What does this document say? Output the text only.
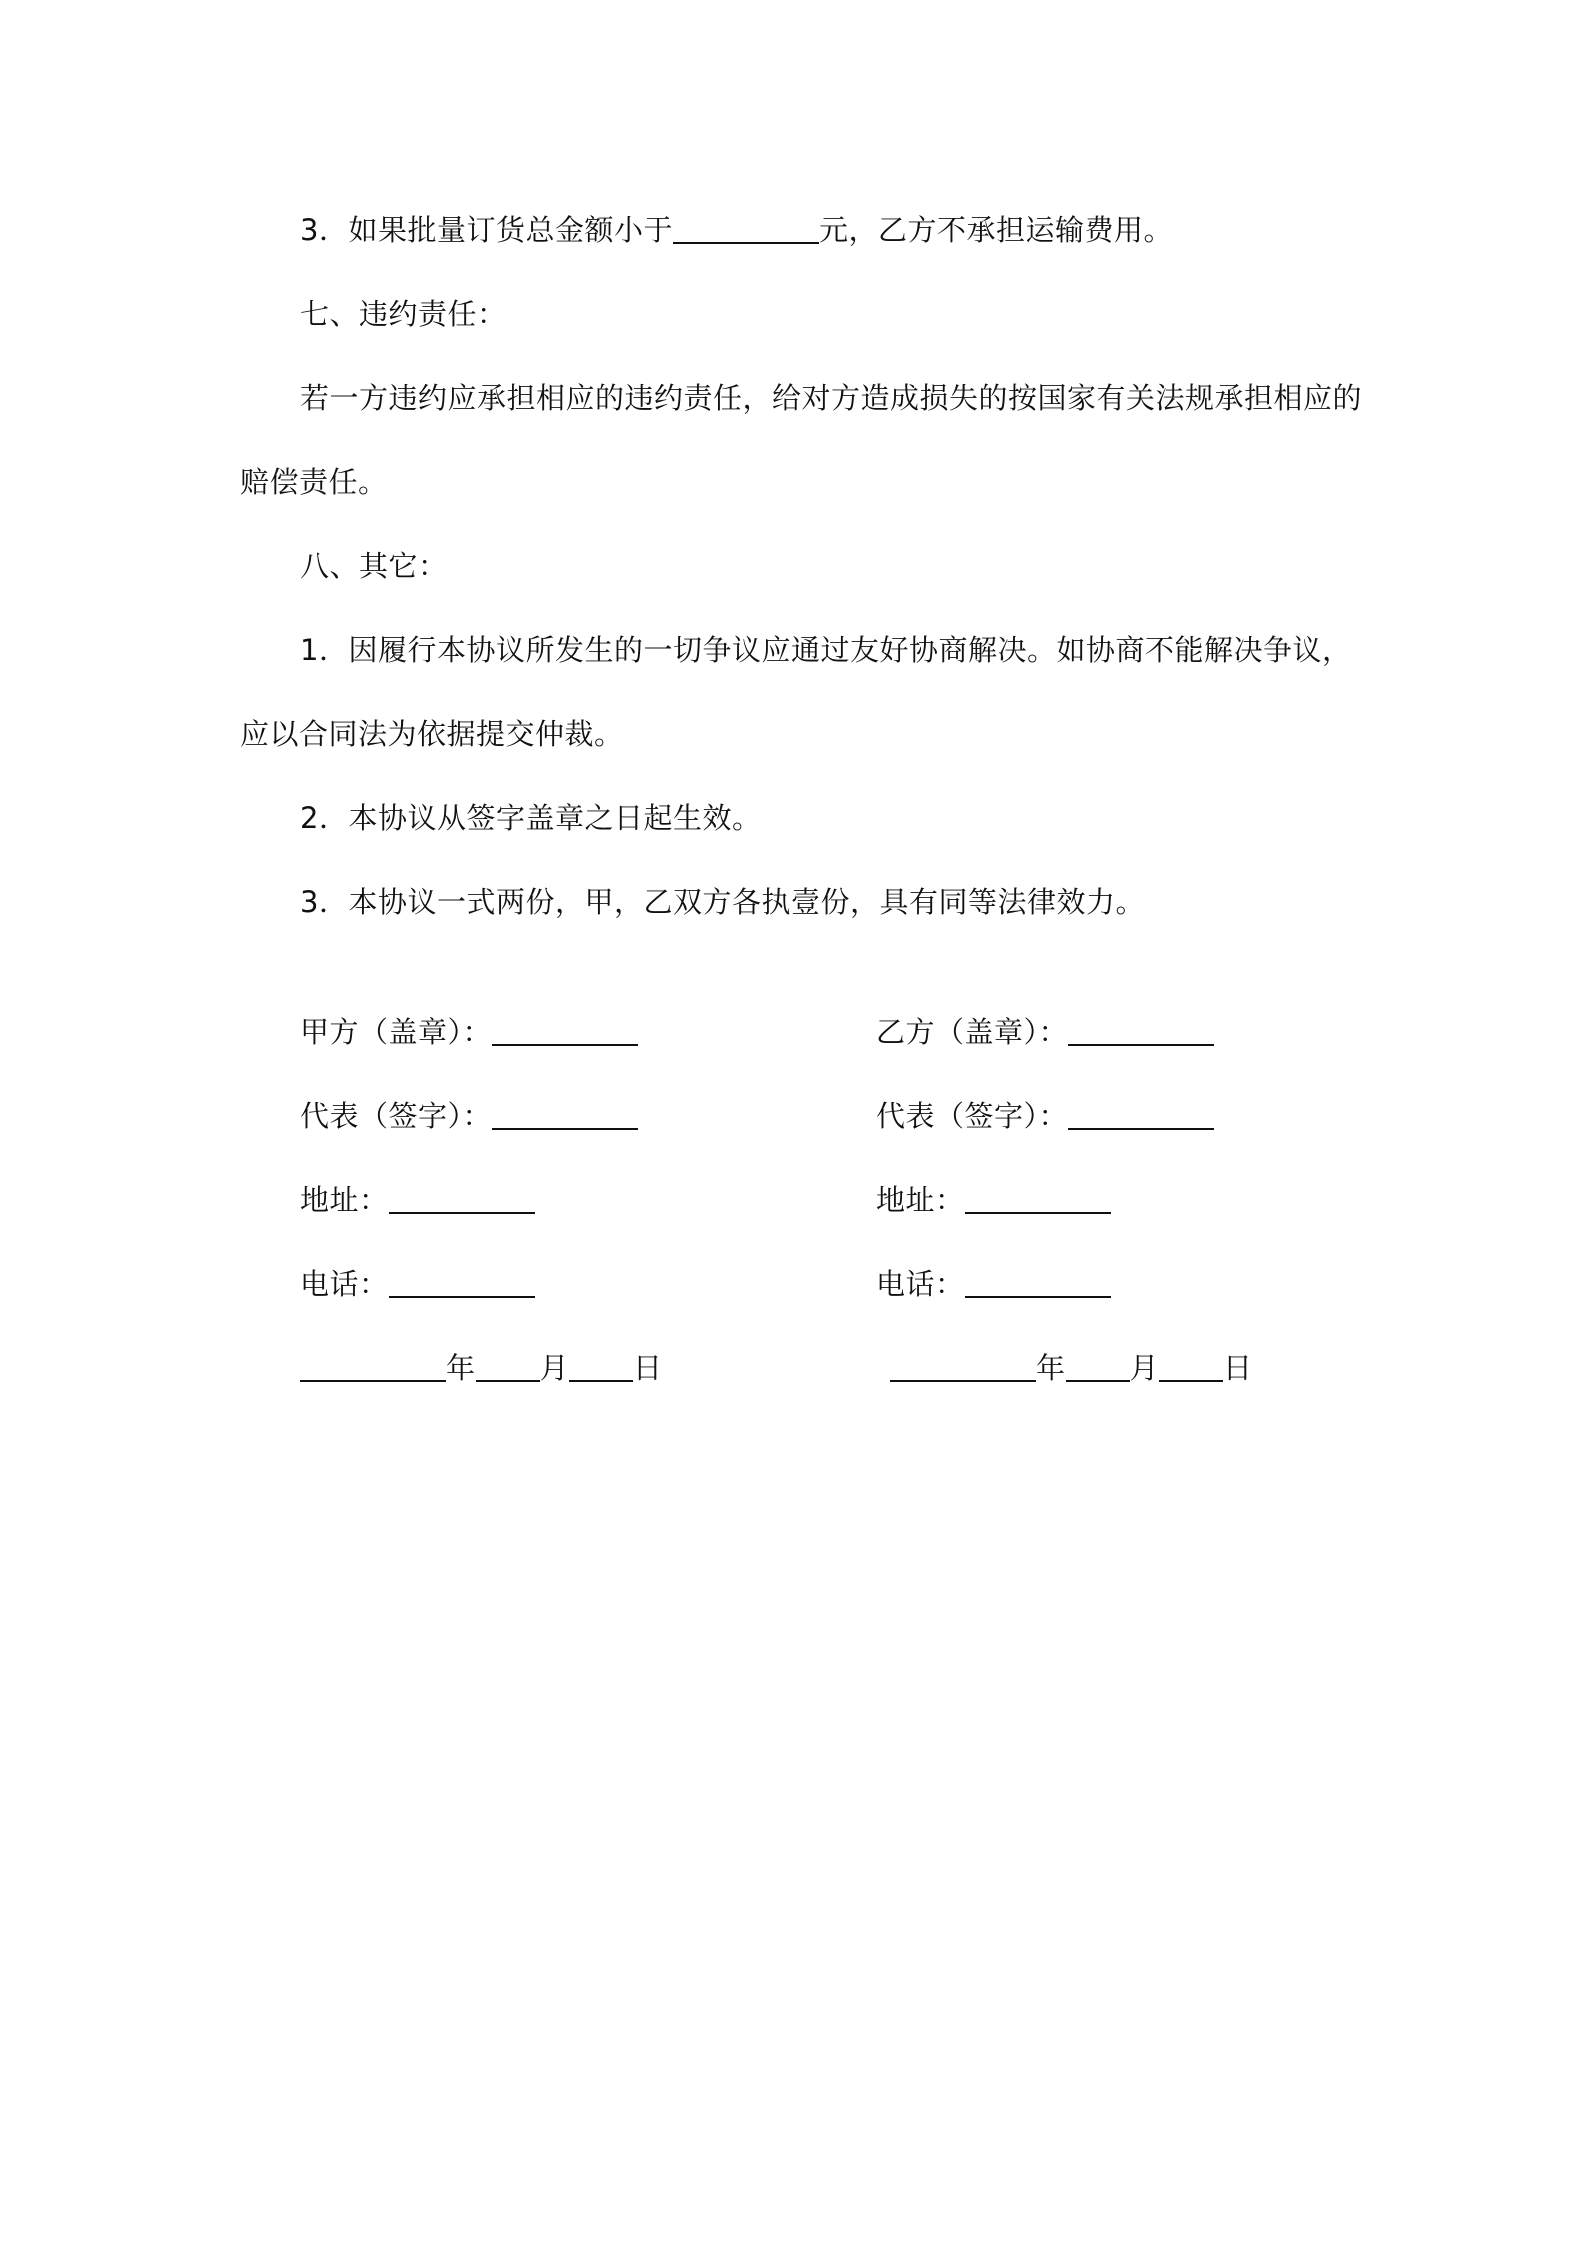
3．如果批量订货总金额小于	元，乙方不承担运输费用。
七、违约责任：
若一方违约应承担相应的违约责任，给对方造成损失的按国家有关法规承担相应的
赔偿责任。
八、其它：
1．因履行本协议所发生的一切争议应通过友好协商解决。如协商不能解决争议，
应以合同法为依据提交仲裁。
2．本协议从签字盖章之日起生效。
3．本协议一式两份，甲，乙双方各执壹份，具有同等法律效力。
甲方（盖章）：
代表（签字）：
地址：
电话：
年 月 日
乙方（盖章）：
代表（签字）：
地址：
电话：
年 月 日
